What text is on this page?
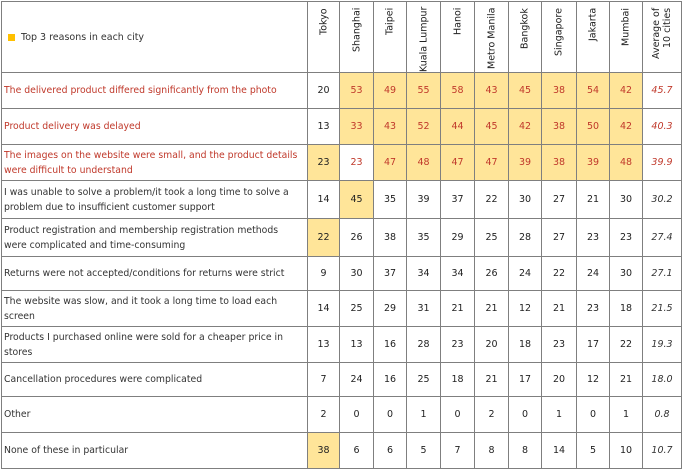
Top 3 reasons in each city	Tokyo	Shanghai	Taipei	Kuala Lumpur	Hanoi	Metro Manila	Bangkok	Singapore	Jakarta	Mumbai	Average of 10 cities

The delivered product differed significantly from the photo	20	53	49	55	58	43	45	38	54	42	45.7
Product delivery was delayed	13	33	43	52	44	45	42	38	50	42	40.3
The images on the website were small, and the product details were difficult to understand	23	23	47	48	47	47	39	38	39	48	39.9
I was unable to solve a problem/it took a long time to solve a problem due to insufficient customer support	14	45	35	39	37	22	30	27	21	30	30.2
Product registration and membership registration methods were complicated and time-consuming	22	26	38	35	29	25	28	27	23	23	27.4
Returns were not accepted/conditions for returns were strict	9	30	37	34	34	26	24	22	24	30	27.1
The website was slow, and it took a long time to load each screen	14	25	29	31	21	21	12	21	23	18	21.5
Products I purchased online were sold for a cheaper price in stores	13	13	16	28	23	20	18	23	17	22	19.3
Cancellation procedures were complicated	7	24	16	25	18	21	17	20	12	21	18.0
Other	2	0	0	1	0	2	0	1	0	1	0.8
None of these in particular	38	6	6	5	7	8	8	14	5	10	10.7
